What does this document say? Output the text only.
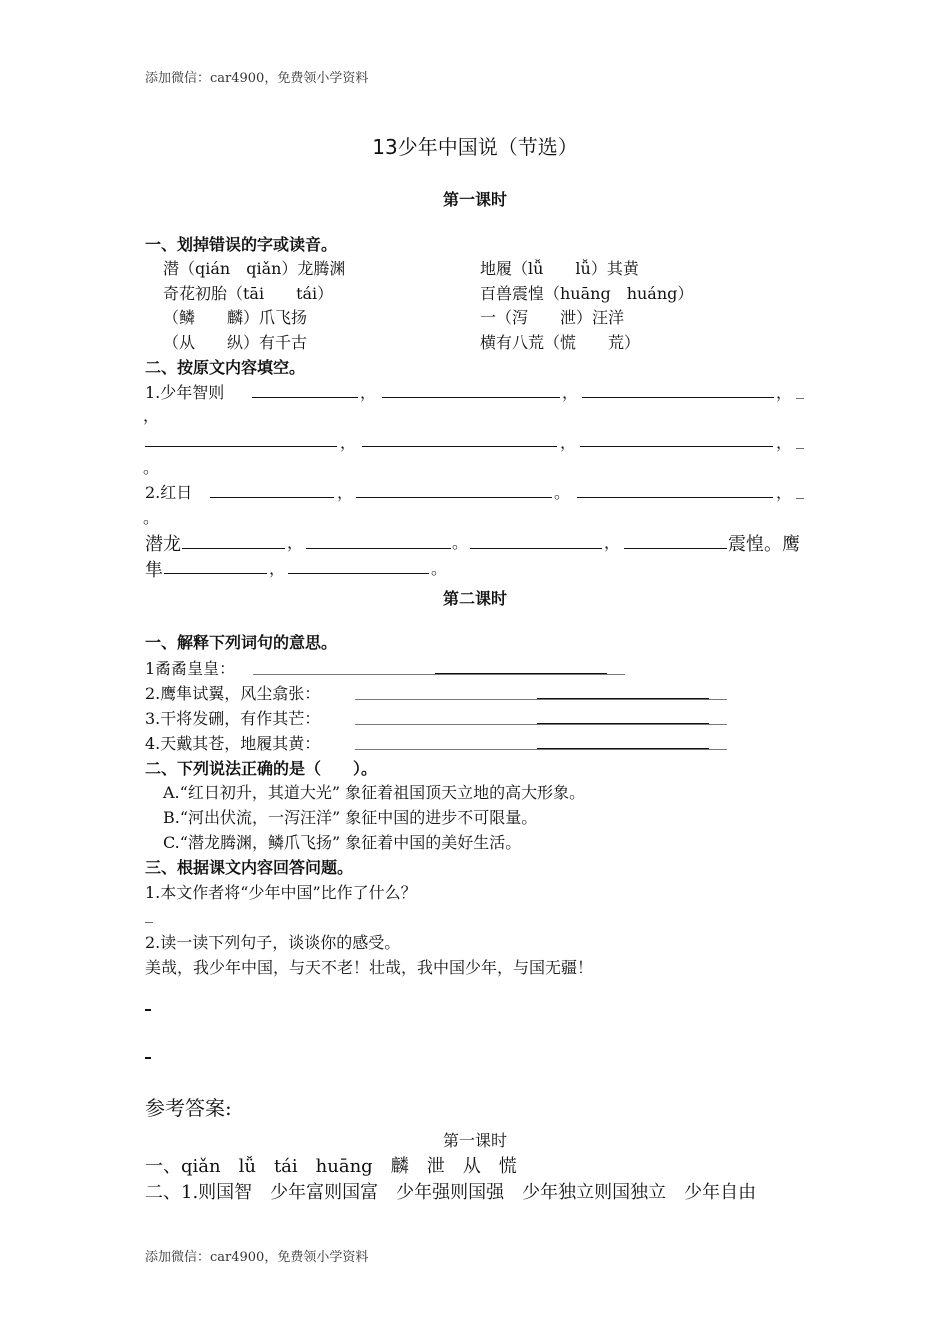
添加微信：car4900，免费领小学资料
13少年中国说（节选）
第一课时
一、划掉错误的字或读音。
潜（qián　qiǎn）龙腾渊	地履（lǚ　　lǚ）其黄
奇花初胎（tāi　　tái）	百兽震惶（huāng　huáng）
（鳞　　麟）爪飞扬	一（泻　　泄）汪洋
（从　　纵）有千古	横有八荒（慌　　荒）
二、按原文内容填空。
1.少年智则	，	，	， _
，
，	，	， _
。
2.红日	，	。	， _
。
潜龙	，	。	，	震惶。鹰
隼	，	。
第二课时
一、解释下列词句的意思。
1矞矞皇皇：
2.鹰隼试翼，风尘翕张：
3.干将发硎，有作其芒：
4.天戴其苍，地履其黄：
二、下列说法正确的是（　　）。
A.“红日初升，其道大光” 象征着祖国顶天立地的高大形象。
B.“河出伏流，一泻汪洋” 象征中国的进步不可限量。
C.“潜龙腾渊，鳞爪飞扬” 象征着中国的美好生活。
三、根据课文内容回答问题。
1.本文作者将“少年中国”比作了什么？
_
2.读一读下列句子，谈谈你的感受。
美哉，我少年中国，与天不老！壮哉，我中国少年，与国无疆！
参考答案:
第一课时
一、qiǎn　lǚ　tái　huāng　麟　泄　从　慌
二、1.则国智　少年富则国富　少年强则国强　少年独立则国独立　少年自由
添加微信：car4900，免费领小学资料
